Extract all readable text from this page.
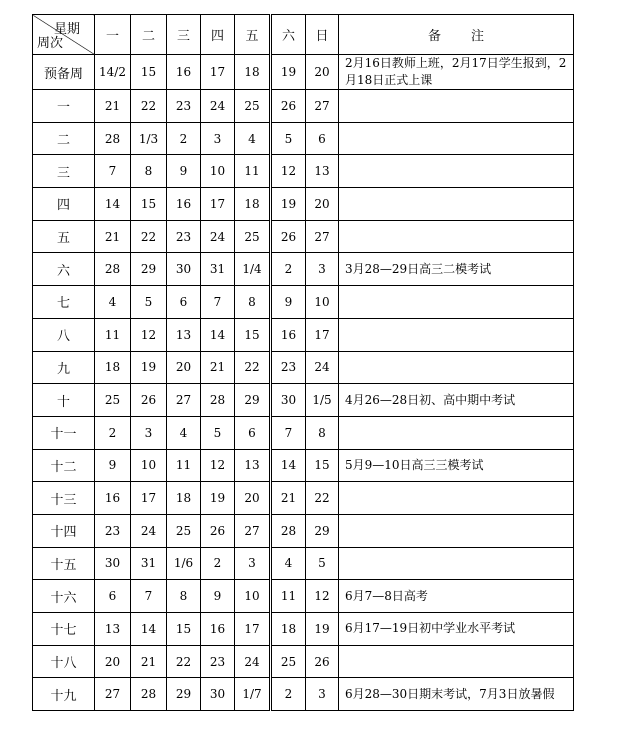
星期
周次	一	二	三	四	五	六	日	备 注
预备周	14/2	15	16	17	18	19	20	2月16日教师上班，2月17日学生报到，2月18日正式上课
一	21	22	23	24	25	26	27	
二	28	1/3	2	3	4	5	6	
三	7	8	9	10	11	12	13	
四	14	15	16	17	18	19	20	
五	21	22	23	24	25	26	27	
六	28	29	30	31	1/4	2	3	3月28—29日高三二模考试
七	4	5	6	7	8	9	10	
八	11	12	13	14	15	16	17	
九	18	19	20	21	22	23	24	
十	25	26	27	28	29	30	1/5	4月26—28日初、高中期中考试
十一	2	3	4	5	6	7	8	
十二	9	10	11	12	13	14	15	5月9—10日高三三模考试
十三	16	17	18	19	20	21	22	
十四	23	24	25	26	27	28	29	
十五	30	31	1/6	2	3	4	5	
十六	6	7	8	9	10	11	12	6月7—8日高考
十七	13	14	15	16	17	18	19	6月17—19日初中学业水平考试
十八	20	21	22	23	24	25	26	
十九	27	28	29	30	1/7	2	3	6月28—30日期末考试，7月3日放暑假
